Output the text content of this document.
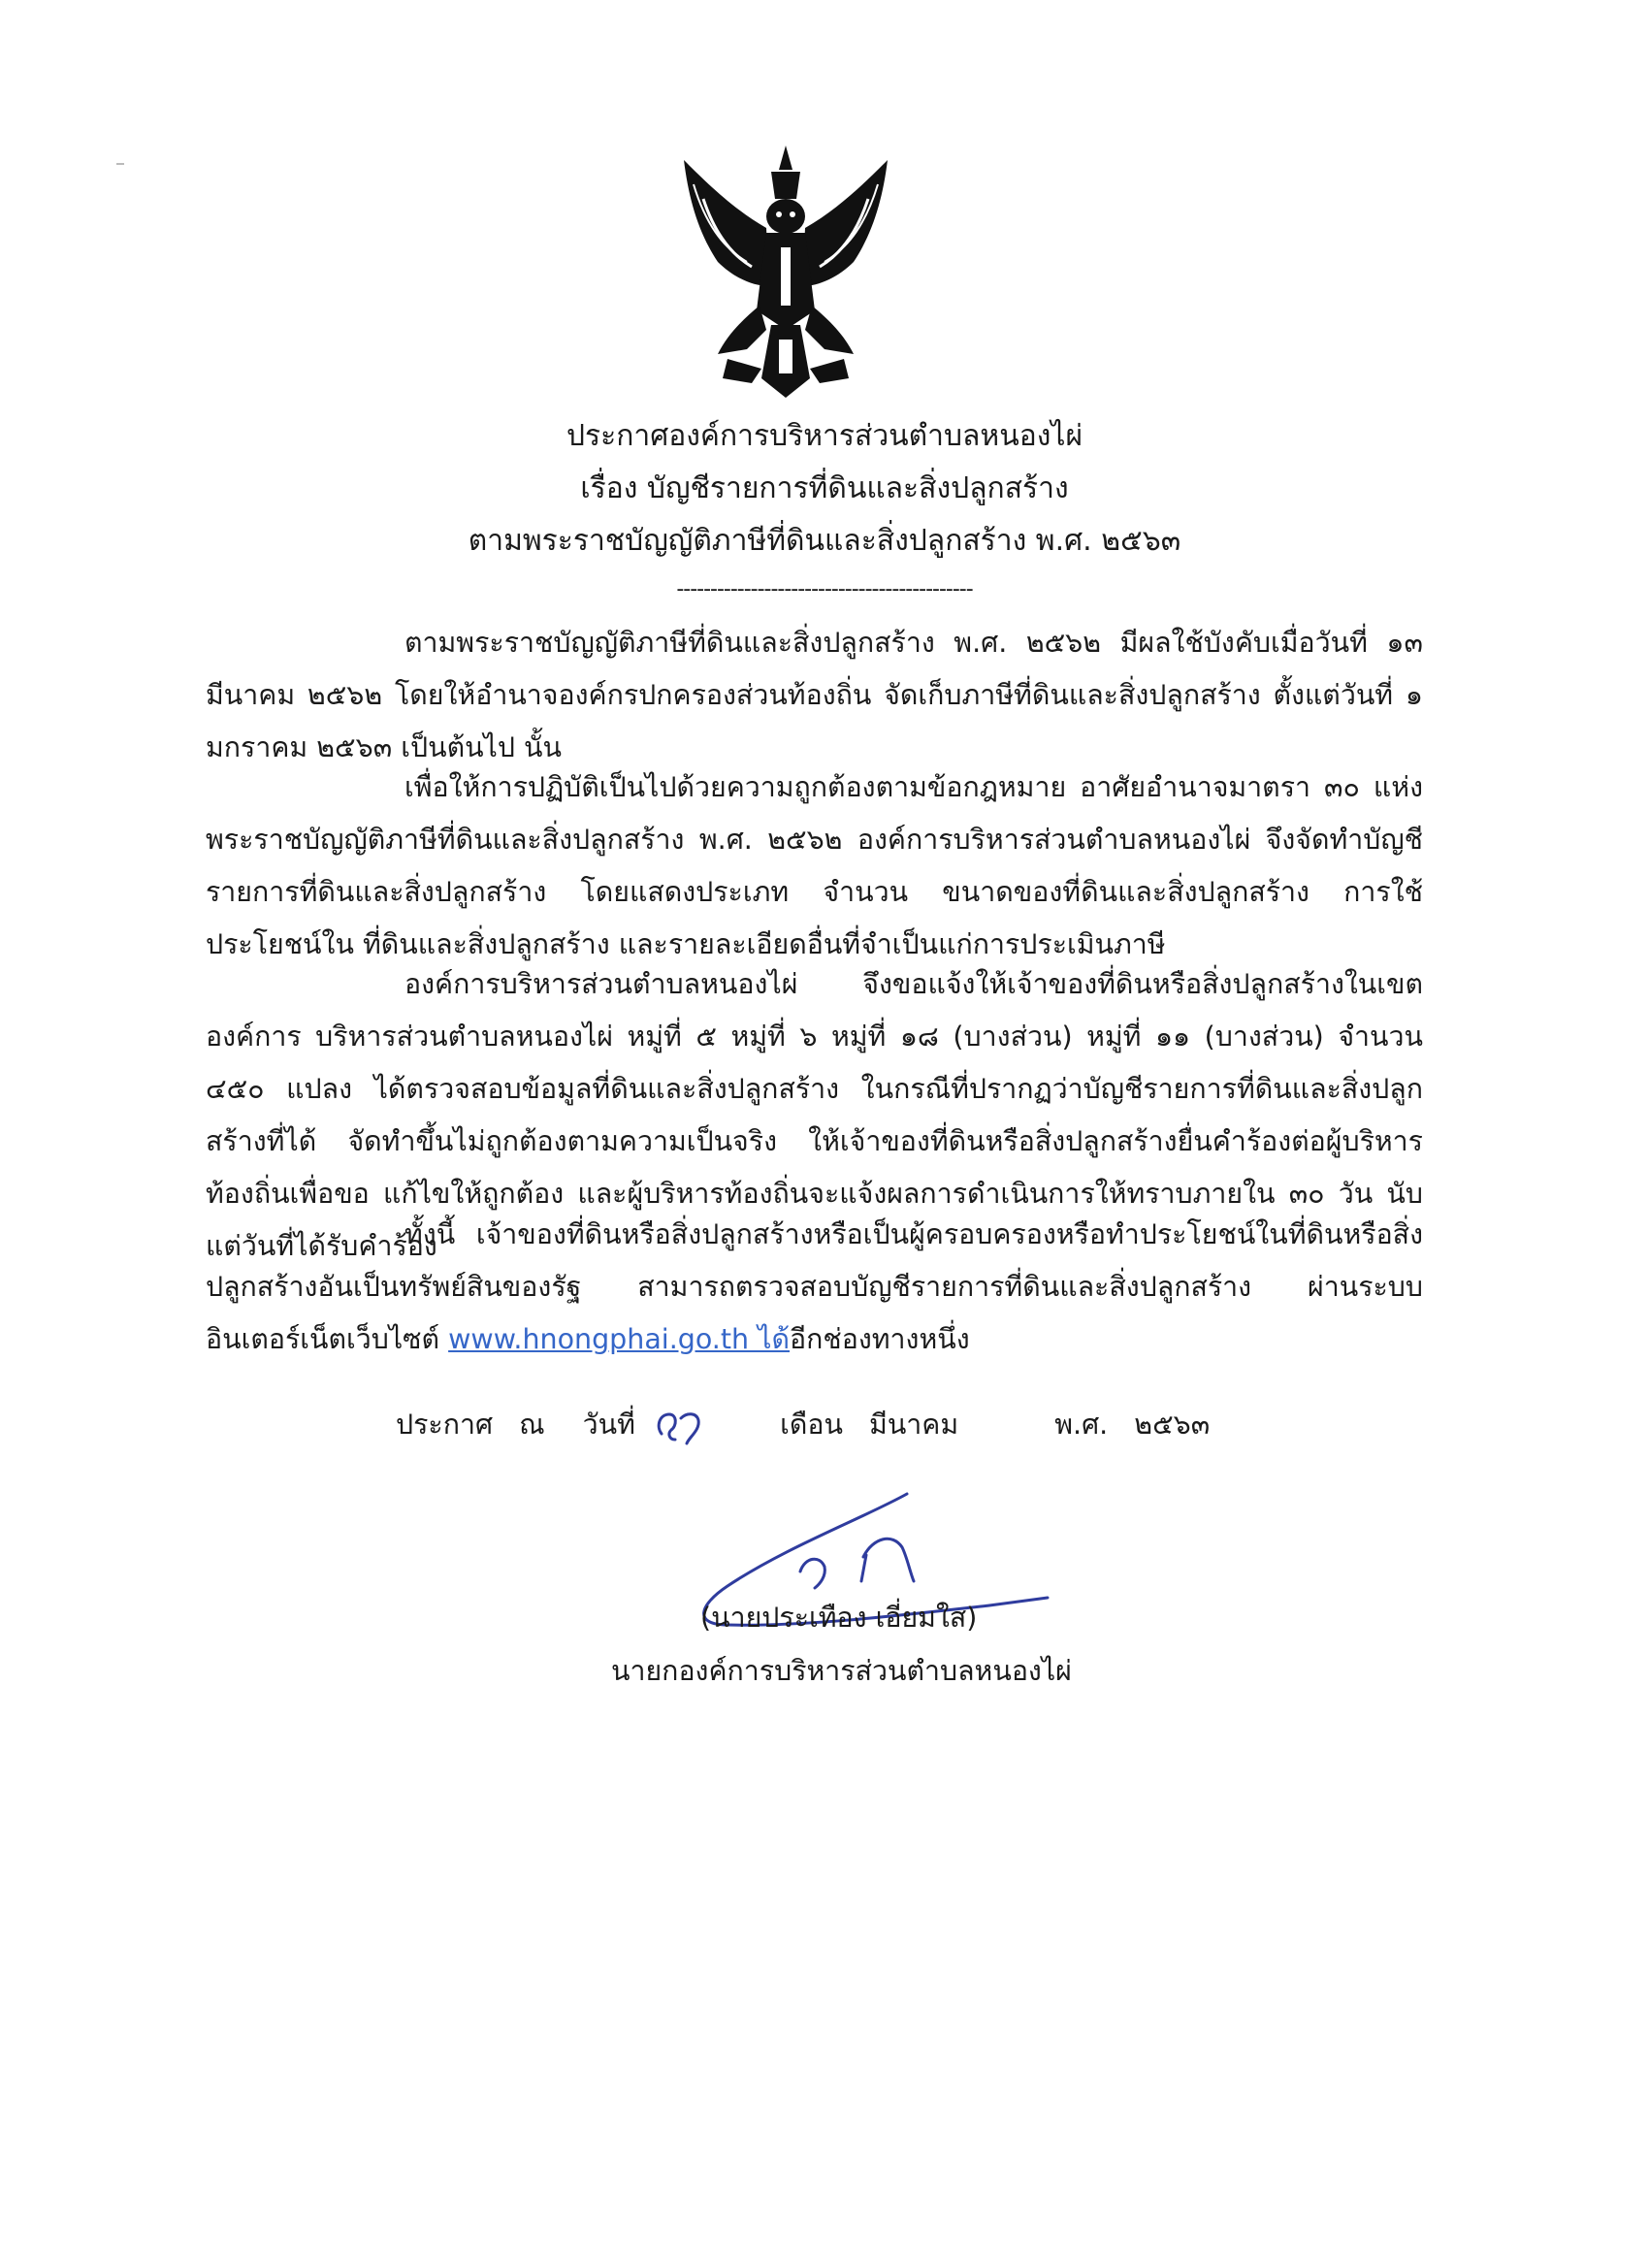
ประกาศองค์การบริหารส่วนตำบลหนองไผ่
เรื่อง บัญชีรายการที่ดินและสิ่งปลูกสร้าง
ตามพระราชบัญญัติภาษีที่ดินและสิ่งปลูกสร้าง พ.ศ. ๒๕๖๓
--------------------------------------------

ตามพระราชบัญญัติภาษีที่ดินและสิ่งปลูกสร้าง พ.ศ. ๒๕๖๒ มีผลใช้บังคับเมื่อวันที่ ๑๓ มีนาคม ๒๕๖๒ โดยให้อำนาจองค์กรปกครองส่วนท้องถิ่น จัดเก็บภาษีที่ดินและสิ่งปลูกสร้าง ตั้งแต่วันที่ ๑ มกราคม ๒๕๖๓ เป็นต้นไป นั้น

เพื่อให้การปฏิบัติเป็นไปด้วยความถูกต้องตามข้อกฎหมาย อาศัยอำนาจมาตรา ๓๐ แห่ง พระราชบัญญัติภาษีที่ดินและสิ่งปลูกสร้าง พ.ศ. ๒๕๖๒ องค์การบริหารส่วนตำบลหนองไผ่ จึงจัดทำบัญชี รายการที่ดินและสิ่งปลูกสร้าง โดยแสดงประเภท จำนวน ขนาดของที่ดินและสิ่งปลูกสร้าง การใช้ประโยชน์ใน ที่ดินและสิ่งปลูกสร้าง และรายละเอียดอื่นที่จำเป็นแก่การประเมินภาษี

องค์การบริหารส่วนตำบลหนองไผ่ จึงขอแจ้งให้เจ้าของที่ดินหรือสิ่งปลูกสร้างในเขตองค์การ บริหารส่วนตำบลหนองไผ่ หมู่ที่ ๕ หมู่ที่ ๖ หมู่ที่ ๑๘ (บางส่วน) หมู่ที่ ๑๑ (บางส่วน) จำนวน ๔๕๐ แปลง ได้ตรวจสอบข้อมูลที่ดินและสิ่งปลูกสร้าง ในกรณีที่ปรากฏว่าบัญชีรายการที่ดินและสิ่งปลูกสร้างที่ได้ จัดทำขึ้นไม่ถูกต้องตามความเป็นจริง ให้เจ้าของที่ดินหรือสิ่งปลูกสร้างยื่นคำร้องต่อผู้บริหารท้องถิ่นเพื่อขอ แก้ไขให้ถูกต้อง และผู้บริหารท้องถิ่นจะแจ้งผลการดำเนินการให้ทราบภายใน ๓๐ วัน นับแต่วันที่ได้รับคำร้อง

ทั้งนี้ เจ้าของที่ดินหรือสิ่งปลูกสร้างหรือเป็นผู้ครอบครองหรือทำประโยชน์ในที่ดินหรือสิ่ง ปลูกสร้างอันเป็นทรัพย์สินของรัฐ สามารถตรวจสอบบัญชีรายการที่ดินและสิ่งปลูกสร้าง ผ่านระบบ อินเตอร์เน็ตเว็บไซต์ www.hnongphai.go.th ได้อีกช่องทางหนึ่ง

ประกาศ ณ วันที่	เดือน มีนาคม	พ.ศ. ๒๕๖๓
(นายประเทือง เอี่ยมใส)
นายกองค์การบริหารส่วนตำบลหนองไผ่
